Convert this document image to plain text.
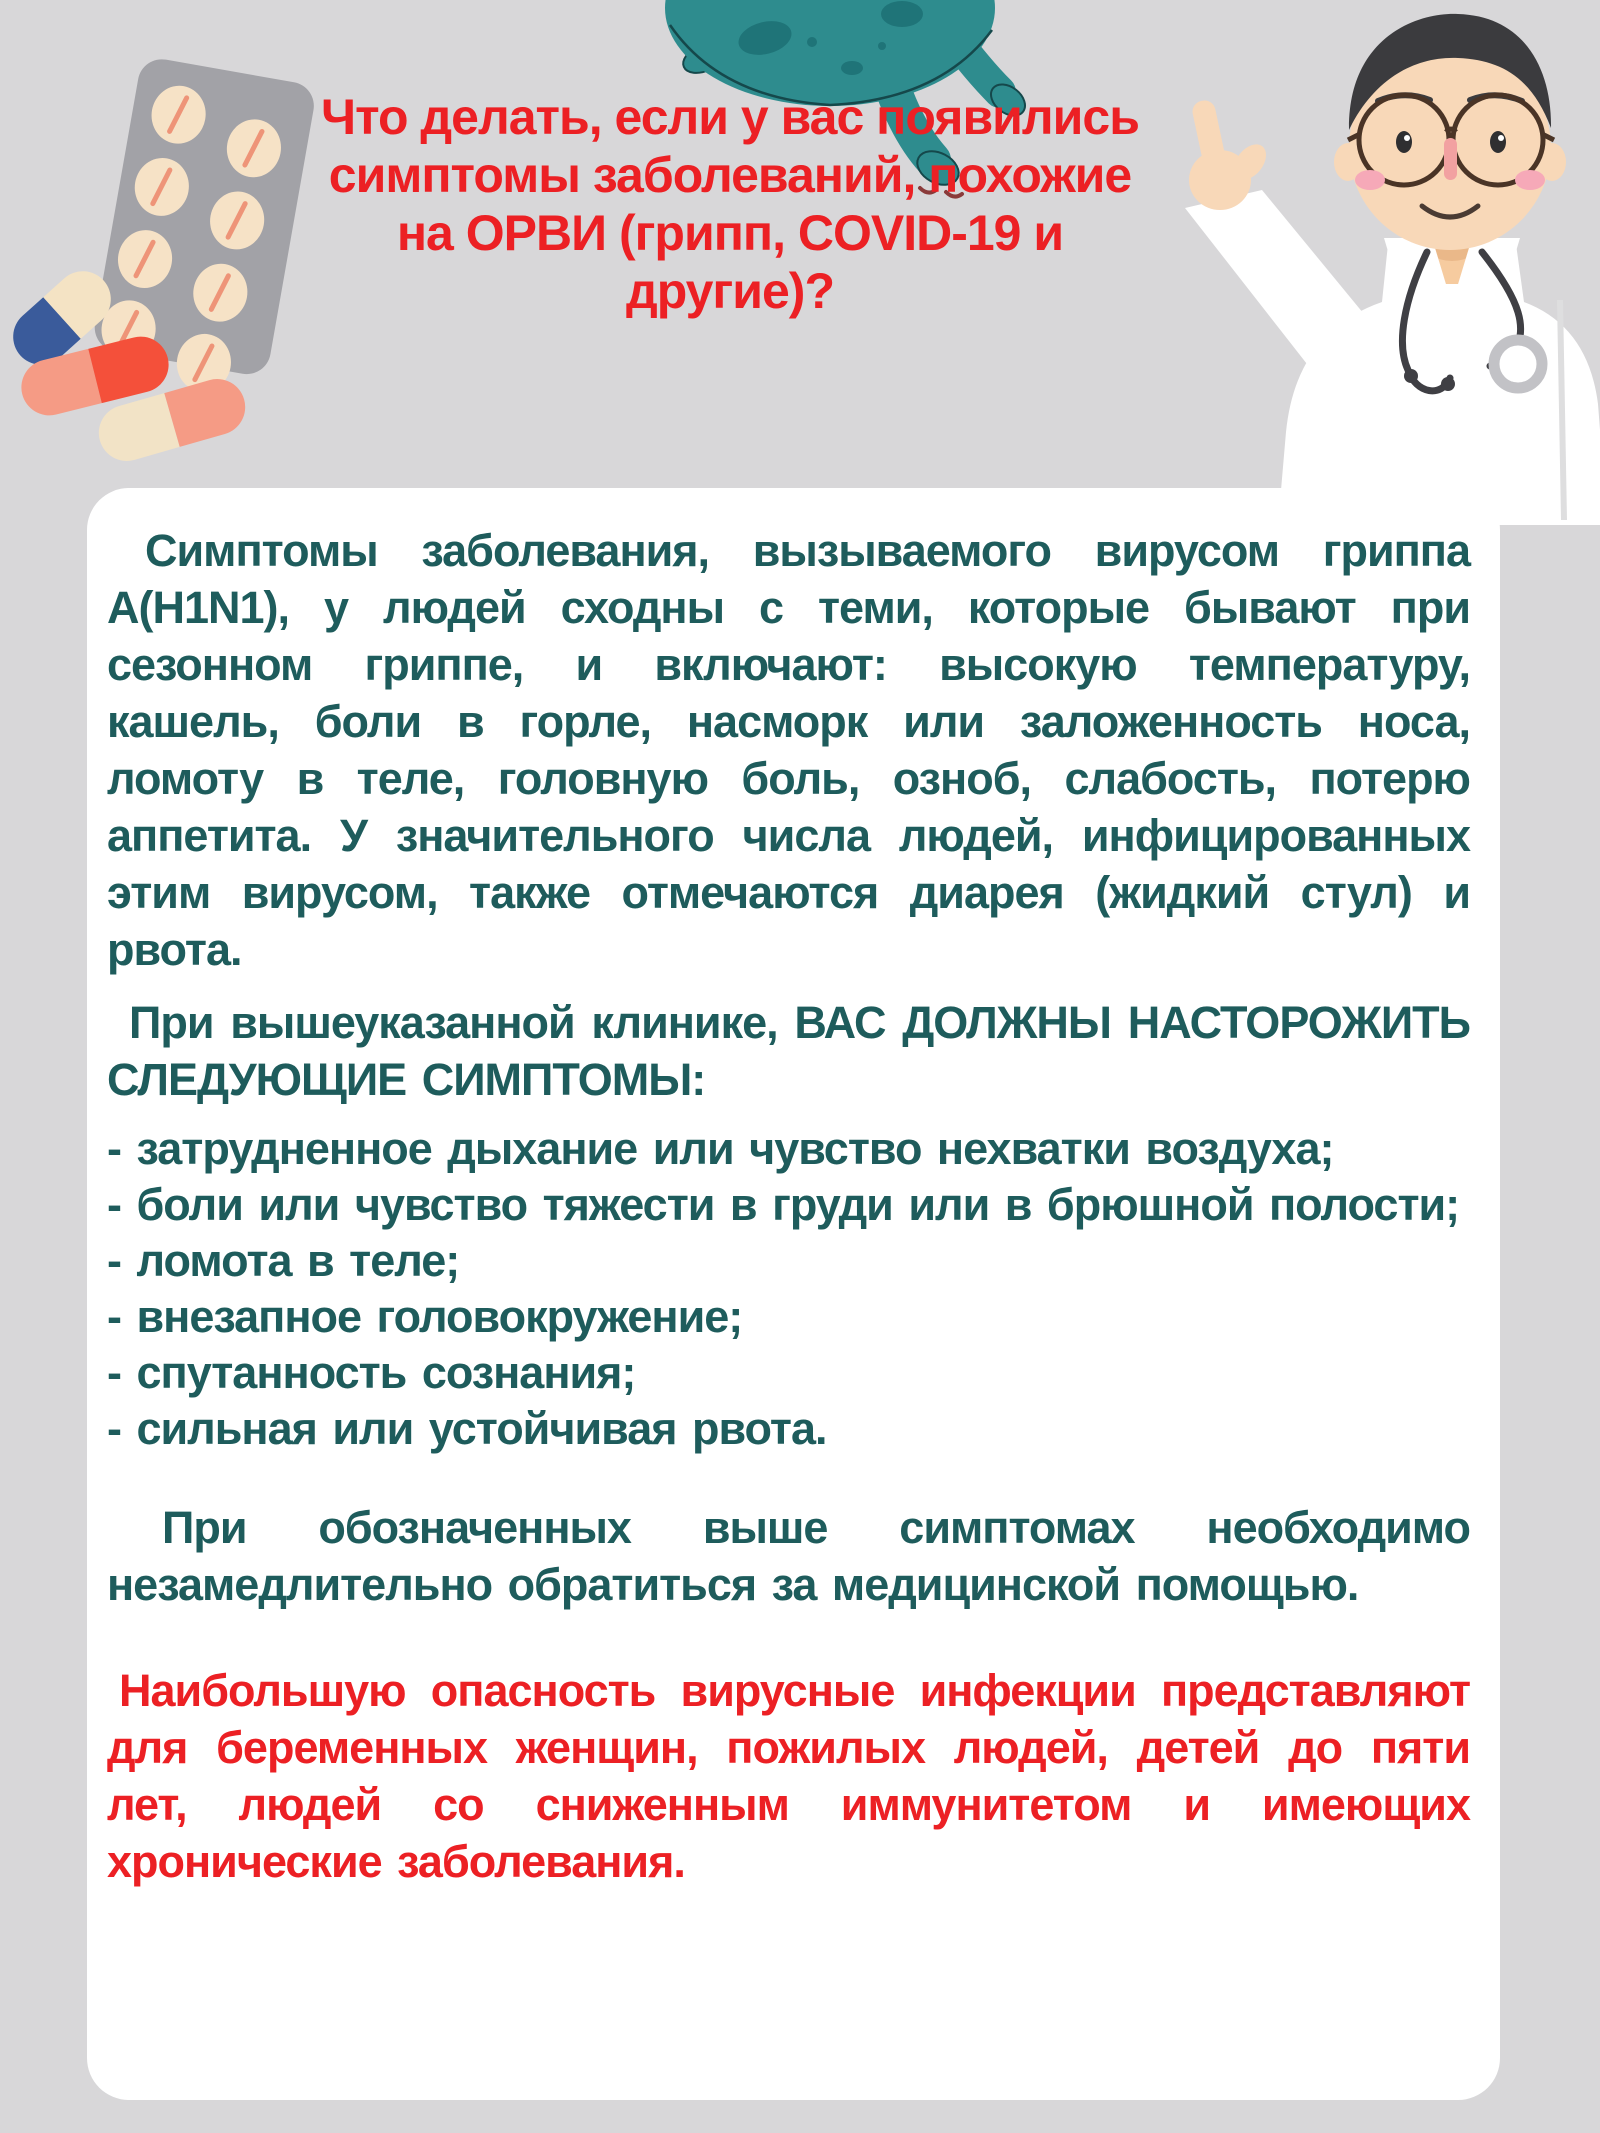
Что делать, если у вас появились
симптомы заболеваний, похожие
на ОРВИ (грипп, COVID-19 и
другие)?

Симптомы заболевания, вызываемого вирусом гриппа A(H1N1), у людей сходны с теми, которые бывают при сезонном гриппе, и включают: высокую температуру, кашель, боли в горле, насморк или заложенность носа, ломоту в теле, головную боль, озноб, слабость, потерю аппетита. У значительного числа людей, инфицированных этим вирусом, также отмечаются диарея (жидкий стул) и рвота.

При вышеуказанной клинике, ВАС ДОЛЖНЫ НАСТОРОЖИТЬ СЛЕДУЮЩИЕ СИМПТОМЫ:

- затрудненное дыхание или чувство нехватки воздуха;
- боли или чувство тяжести в груди или в брюшной полости;
- ломота в теле;
- внезапное головокружение;
- спутанность сознания;
- сильная или устойчивая рвота.

При обозначенных выше симптомах необходимо незамедлительно обратиться за медицинской помощью.

Наибольшую опасность вирусные инфекции представляют для беременных женщин, пожилых людей, детей до пяти лет, людей со сниженным иммунитетом и имеющих хронические заболевания.
